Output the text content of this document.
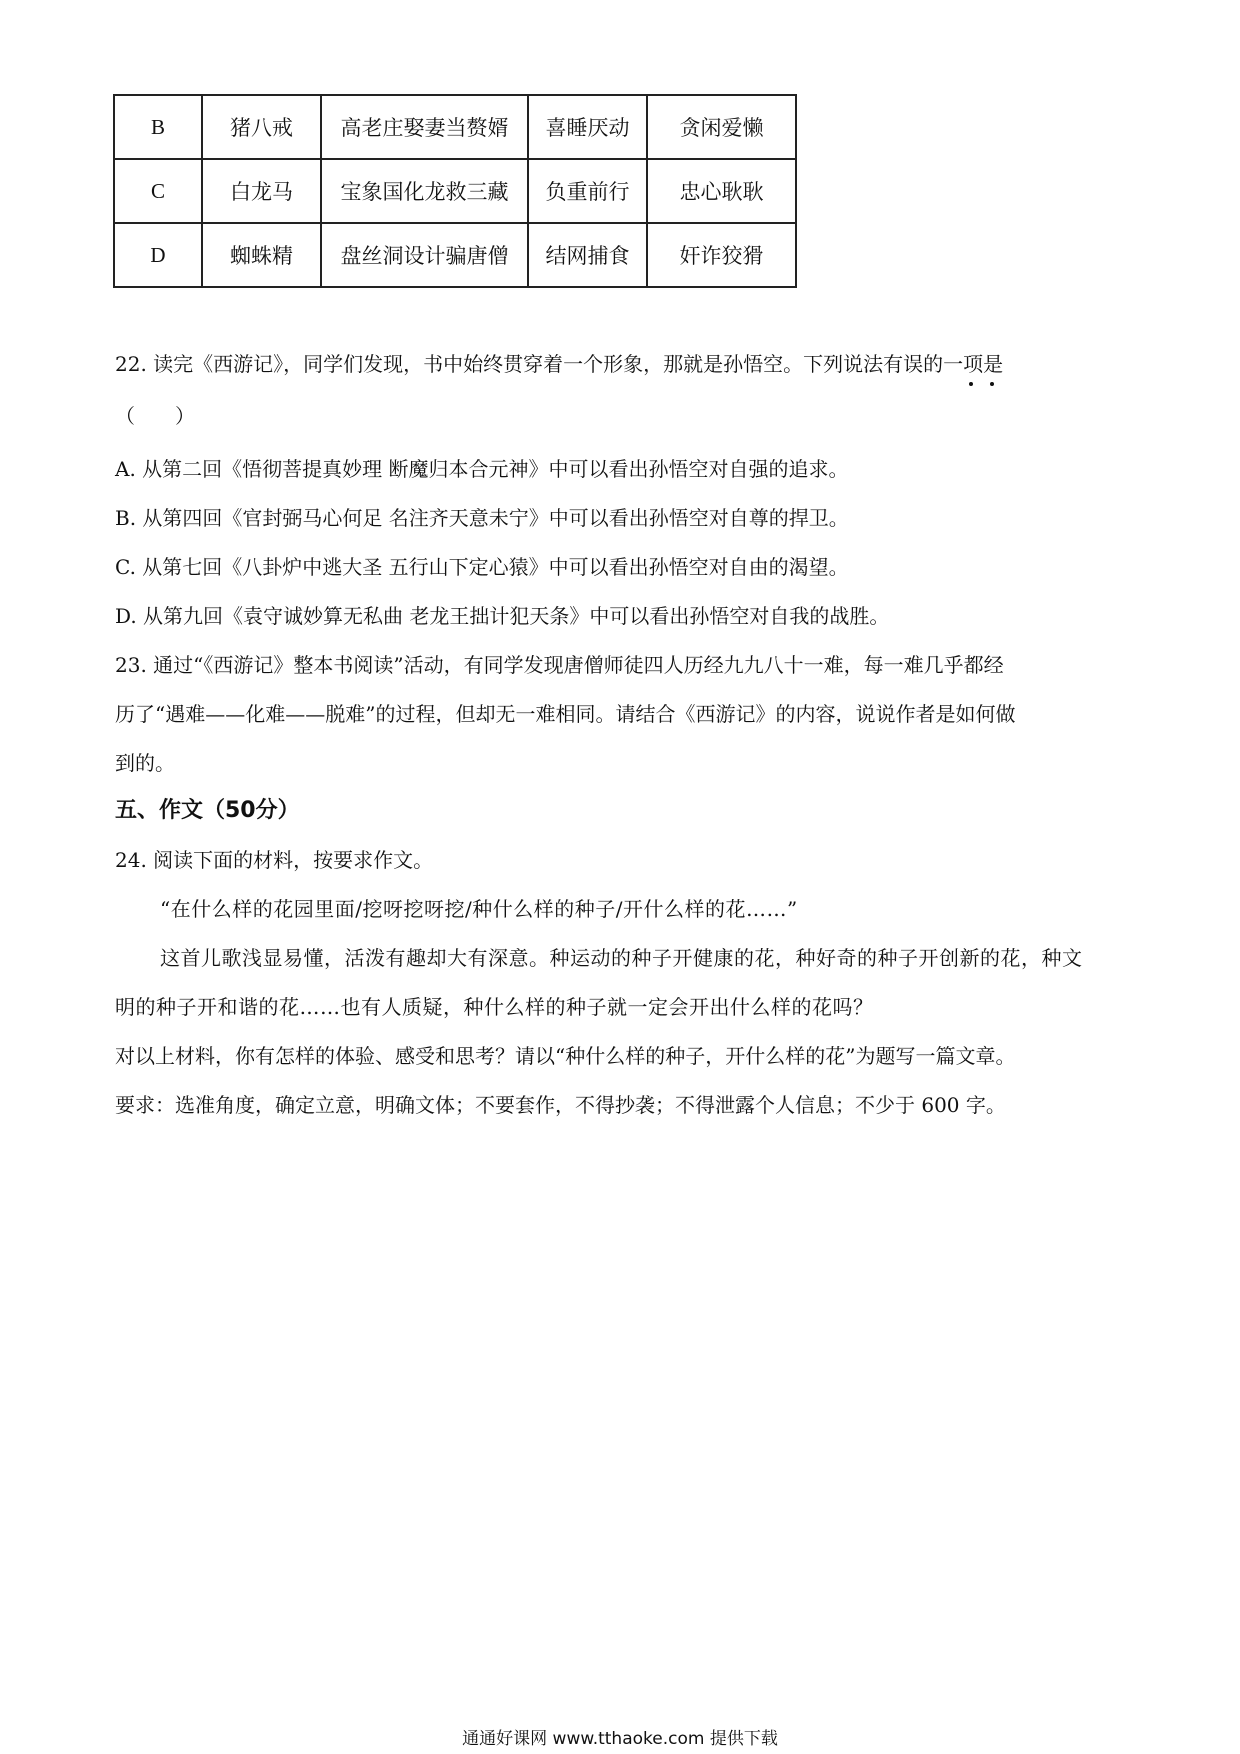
B	猪八戒	高老庄娶妻当赘婿	喜睡厌动	贪闲爱懒
C	白龙马	宝象国化龙救三藏	负重前行	忠心耿耿
D	蜘蛛精	盘丝洞设计骗唐僧	结网捕食	奸诈狡猾
22. 读完《西游记》，同学们发现，书中始终贯穿着一个形象，那就是孙悟空。下列说法有误的一项是
（　　）
A. 从第二回《悟彻菩提真妙理 断魔归本合元神》中可以看出孙悟空对自强的追求。
B. 从第四回《官封弼马心何足 名注齐天意未宁》中可以看出孙悟空对自尊的捍卫。
C. 从第七回《八卦炉中逃大圣 五行山下定心猿》中可以看出孙悟空对自由的渴望。
D. 从第九回《袁守诚妙算无私曲 老龙王拙计犯天条》中可以看出孙悟空对自我的战胜。
23. 通过“《西游记》整本书阅读”活动，有同学发现唐僧师徒四人历经九九八十一难，每一难几乎都经
历了“遇难——化难——脱难”的过程，但却无一难相同。请结合《西游记》的内容，说说作者是如何做
到的。
五、作文（50分）
24. 阅读下面的材料，按要求作文。
“在什么样的花园里面/挖呀挖呀挖/种什么样的种子/开什么样的花……”
这首儿歌浅显易懂，活泼有趣却大有深意。种运动的种子开健康的花，种好奇的种子开创新的花，种文
明的种子开和谐的花……也有人质疑，种什么样的种子就一定会开出什么样的花吗？
对以上材料，你有怎样的体验、感受和思考？请以“种什么样的种子，开什么样的花”为题写一篇文章。
要求：选准角度，确定立意，明确文体；不要套作，不得抄袭；不得泄露个人信息；不少于 600 字。
通通好课网 www.tthaoke.com 提供下载
